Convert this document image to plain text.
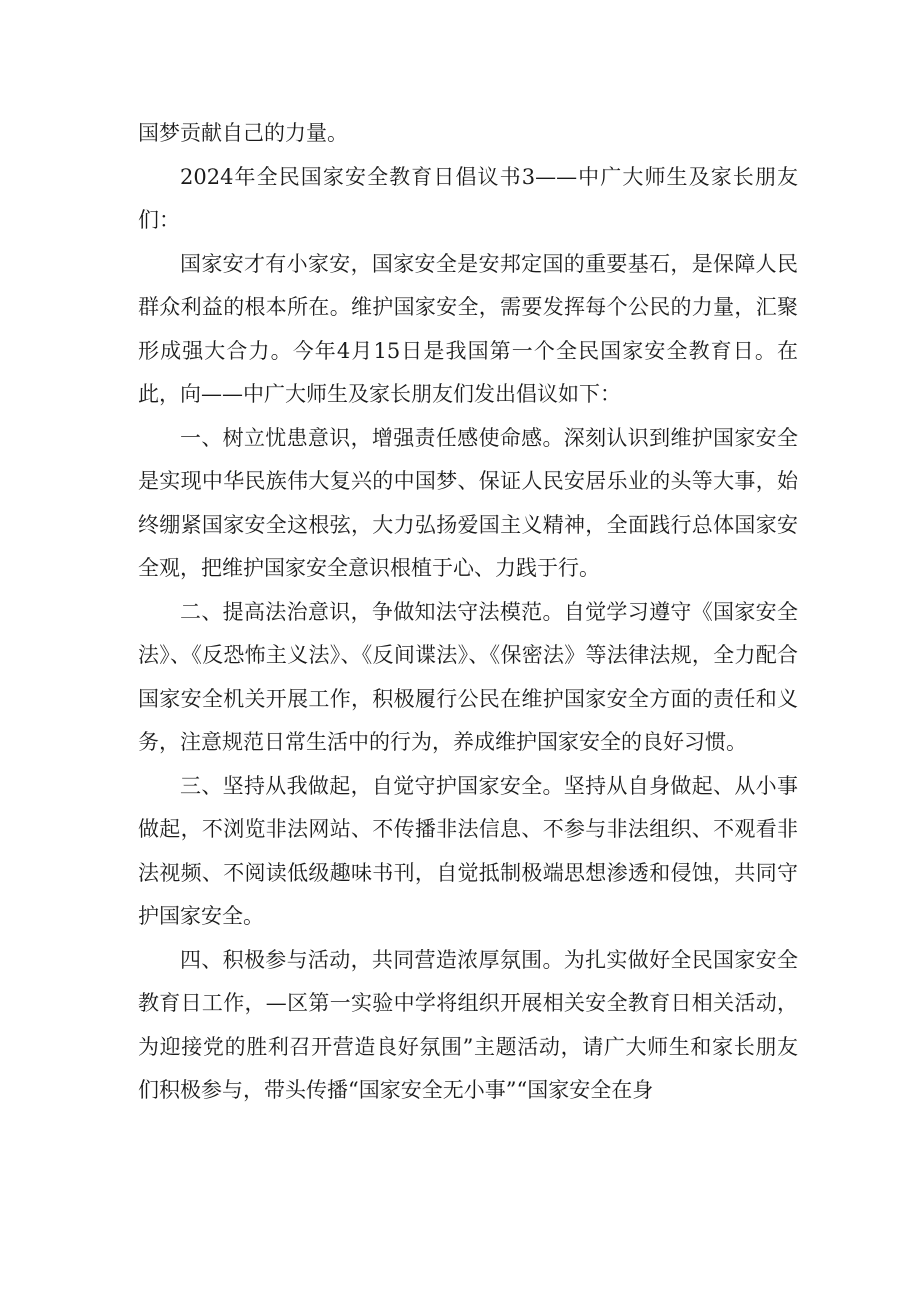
国梦贡献自己的力量。

2024年全民国家安全教育日倡议书3——中广大师生及家长朋友们：

国家安才有小家安，国家安全是安邦定国的重要基石，是保障人民群众利益的根本所在。维护国家安全，需要发挥每个公民的力量，汇聚形成强大合力。今年4月15日是我国第一个全民国家安全教育日。在此，向——中广大师生及家长朋友们发出倡议如下：

一、树立忧患意识，增强责任感使命感。深刻认识到维护国家安全是实现中华民族伟大复兴的中国梦、保证人民安居乐业的头等大事，始终绷紧国家安全这根弦，大力弘扬爱国主义精神，全面践行总体国家安全观，把维护国家安全意识根植于心、力践于行。

二、提高法治意识，争做知法守法模范。自觉学习遵守《国家安全法》、《反恐怖主义法》、《反间谍法》、《保密法》等法律法规，全力配合国家安全机关开展工作，积极履行公民在维护国家安全方面的责任和义务，注意规范日常生活中的行为，养成维护国家安全的良好习惯。

三、坚持从我做起，自觉守护国家安全。坚持从自身做起、从小事做起，不浏览非法网站、不传播非法信息、不参与非法组织、不观看非法视频、不阅读低级趣味书刊，自觉抵制极端思想渗透和侵蚀，共同守护国家安全。

四、积极参与活动，共同营造浓厚氛围。为扎实做好全民国家安全教育日工作，—区第一实验中学将组织开展相关安全教育日相关活动，为迎接党的胜利召开营造良好氛围”主题活动，请广大师生和家长朋友们积极参与，带头传播“国家安全无小事”“国家安全在身
